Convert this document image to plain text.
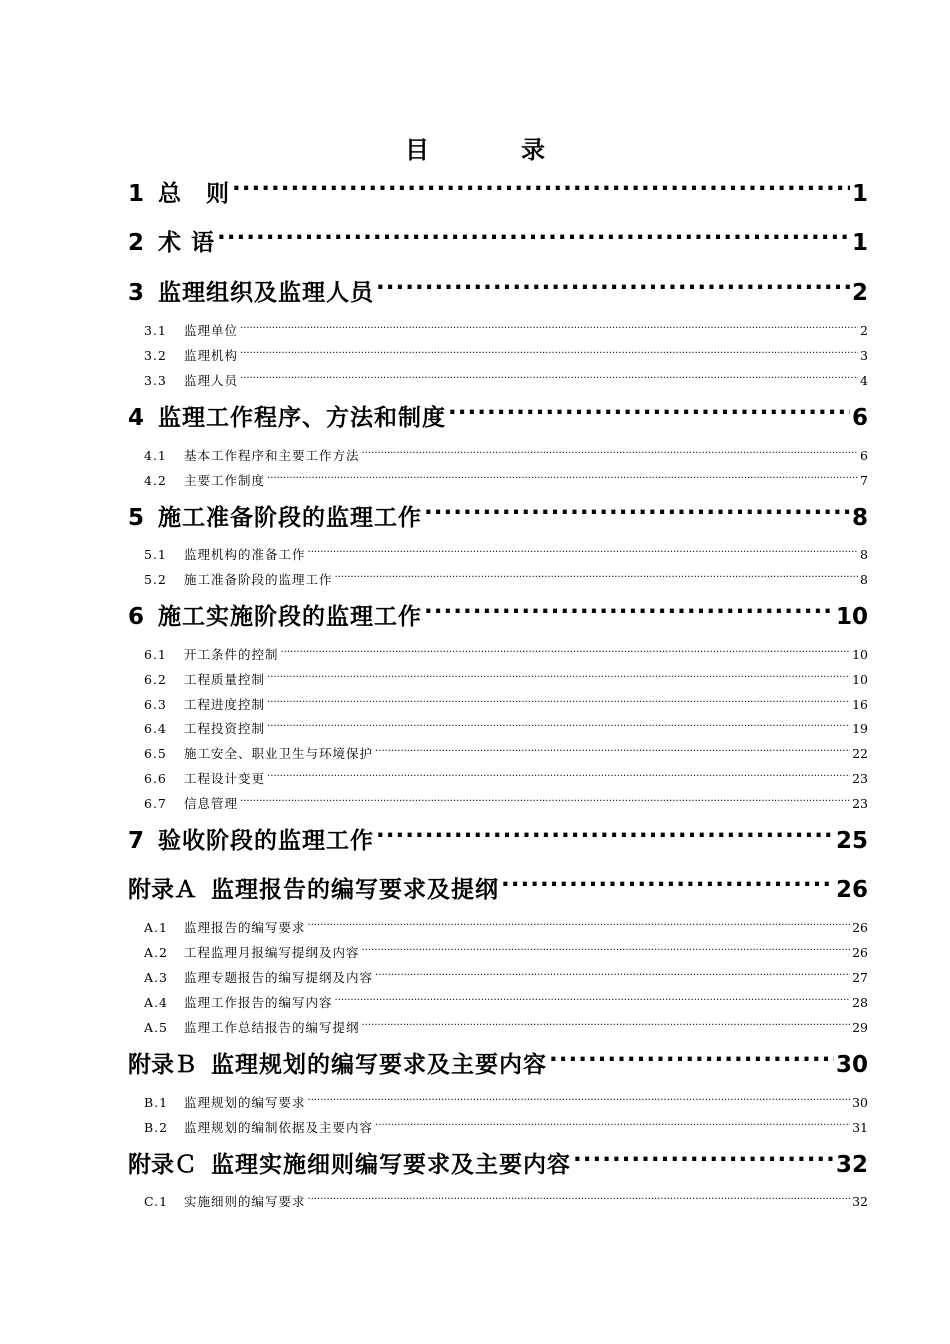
目　录
1 总　则 .....	1
2 术 语 .....	1
3 监理组织及监理人员 .....	2
3.1	监理单位 .....	2
3.2	监理机构 .....	3
3.3	监理人员 .....	4
4 监理工作程序、方法和制度 .....	6
4.1	基本工作程序和主要工作方法 .....	6
4.2	主要工作制度 .....	7
5 施工准备阶段的监理工作 .....	8
5.1	监理机构的准备工作 .....	8
5.2	施工准备阶段的监理工作 .....	8
6 施工实施阶段的监理工作 .....	10
6.1	开工条件的控制 .....	10
6.2	工程质量控制 .....	10
6.3	工程进度控制 .....	16
6.4	工程投资控制 .....	19
6.5	施工安全、职业卫生与环境保护 .....	22
6.6	工程设计变更 .....	23
6.7	信息管理 .....	23
7 验收阶段的监理工作 .....	25
附录Ａ 监理报告的编写要求及提纲 .....	26
A.1	监理报告的编写要求 .....	26
A.2	工程监理月报编写提纲及内容 .....	26
A.3	监理专题报告的编写提纲及内容 .....	27
A.4	监理工作报告的编写内容 .....	28
A.5	监理工作总结报告的编写提纲 .....	29
附录Ｂ 监理规划的编写要求及主要内容 .....	30
B.1	监理规划的编写要求 .....	30
B.2	监理规划的编制依据及主要内容 .....	31
附录Ｃ 监理实施细则编写要求及主要内容 .....	32
C.1	实施细则的编写要求 .....	32
